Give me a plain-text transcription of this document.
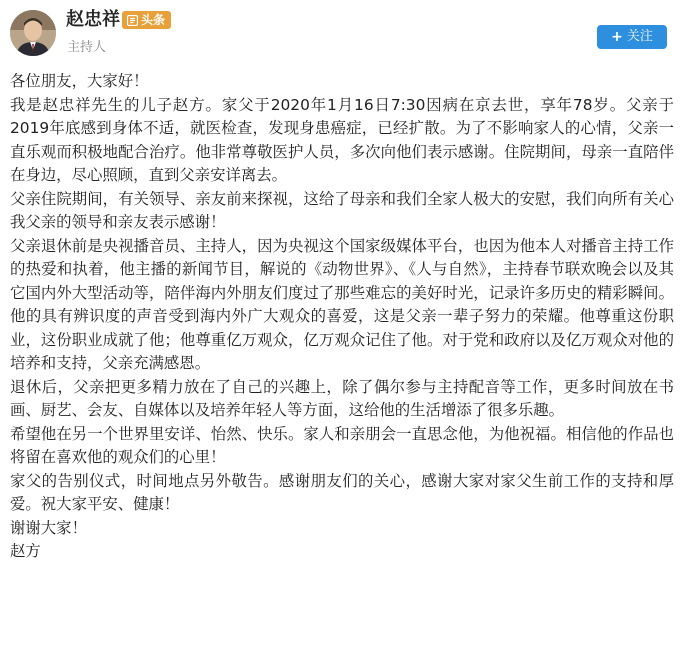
赵忠祥 头条
主持人
+ 关注

各位朋友，大家好！

我是赵忠祥先生的儿子赵方。家父于2020年1月16日7:30因病在京去世，享年78岁。父亲于2019年底感到身体不适，就医检查，发现身患癌症，已经扩散。为了不影响家人的心情，父亲一直乐观而积极地配合治疗。他非常尊敬医护人员，多次向他们表示感谢。住院期间，母亲一直陪伴在身边，尽心照顾，直到父亲安详离去。

父亲住院期间，有关领导、亲友前来探视，这给了母亲和我们全家人极大的安慰，我们向所有关心我父亲的领导和亲友表示感谢！

父亲退休前是央视播音员、主持人，因为央视这个国家级媒体平台，也因为他本人对播音主持工作的热爱和执着，他主播的新闻节目，解说的《动物世界》、《人与自然》，主持春节联欢晚会以及其它国内外大型活动等，陪伴海内外朋友们度过了那些难忘的美好时光，记录许多历史的精彩瞬间。他的具有辨识度的声音受到海内外广大观众的喜爱，这是父亲一辈子努力的荣耀。他尊重这份职业，这份职业成就了他；他尊重亿万观众，亿万观众记住了他。对于党和政府以及亿万观众对他的培养和支持，父亲充满感恩。

退休后，父亲把更多精力放在了自己的兴趣上，除了偶尔参与主持配音等工作，更多时间放在书画、厨艺、会友、自媒体以及培养年轻人等方面，这给他的生活增添了很多乐趣。

希望他在另一个世界里安详、怡然、快乐。家人和亲朋会一直思念他，为他祝福。相信他的作品也将留在喜欢他的观众们的心里！

家父的告别仪式，时间地点另外敬告。感谢朋友们的关心，感谢大家对家父生前工作的支持和厚爱。祝大家平安、健康！

谢谢大家！

赵方
